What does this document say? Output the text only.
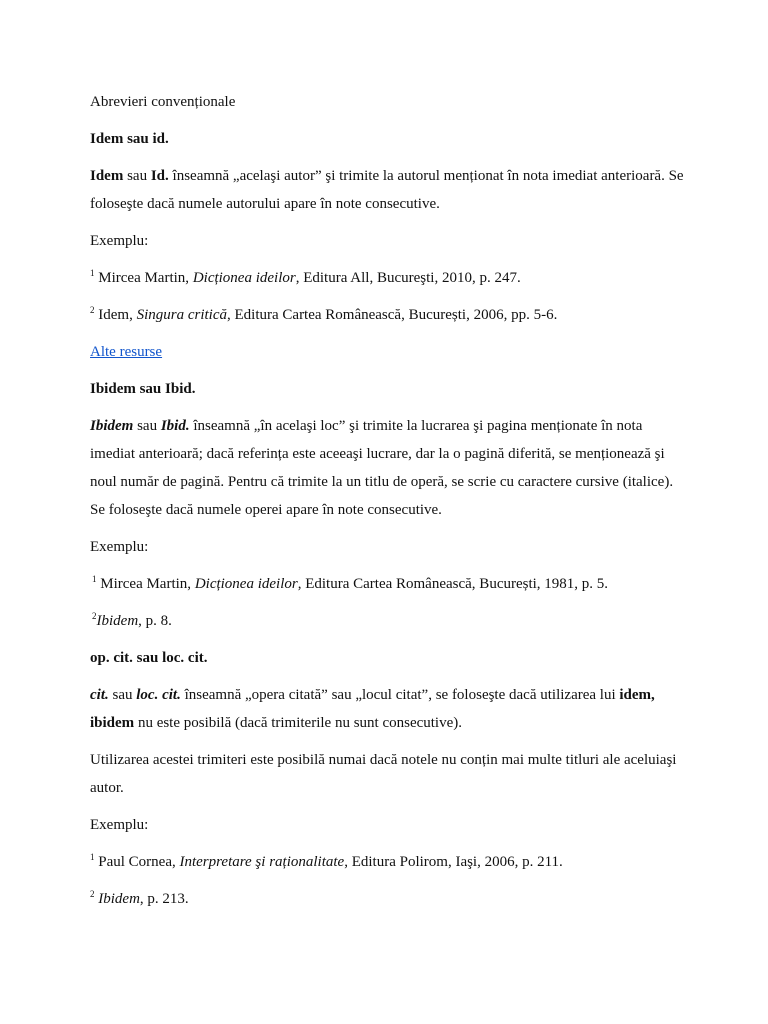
Abrevieri convenționale

Idem sau id.

Idem sau Id. înseamnă „acelaşi autor” şi trimite la autorul menționat în nota imediat anterioară. Se foloseşte dacă numele autorului apare în note consecutive.

Exemplu:

$^1$ Mircea Martin, Dicționea ideilor, Editura All, Bucureşti, 2010, p. 247.

$^2$ Idem, Singura critică, Editura Cartea Românească, București, 2006, pp. 5-6.

Alte resurse

Ibidem sau Ibid.

Ibidem sau Ibid. înseamnă „în acelaşi loc” şi trimite la lucrarea şi pagina menționate în nota imediat anterioară; dacă referința este aceeaşi lucrare, dar la o pagină diferită, se menționează şi noul număr de pagină. Pentru că trimite la un titlu de operă, se scrie cu caractere cursive (italice). Se foloseşte dacă numele operei apare în note consecutive.

Exemplu:

$^1$ Mircea Martin, Dicționea ideilor, Editura Cartea Românească, București, 1981, p. 5.

$^2$Ibidem, p. 8.

op. cit. sau loc. cit.

cit. sau loc. cit. înseamnă „opera citată” sau „locul citat”, se foloseşte dacă utilizarea lui idem, ibidem nu este posibilă (dacă trimiterile nu sunt consecutive).

Utilizarea acestei trimiteri este posibilă numai dacă notele nu conțin mai multe titluri ale aceluiaşi autor.

Exemplu:

$^1$ Paul Cornea, Interpretare şi raționalitate, Editura Polirom, Iaşi, 2006, p. 211.

$^2$ Ibidem, p. 213.
